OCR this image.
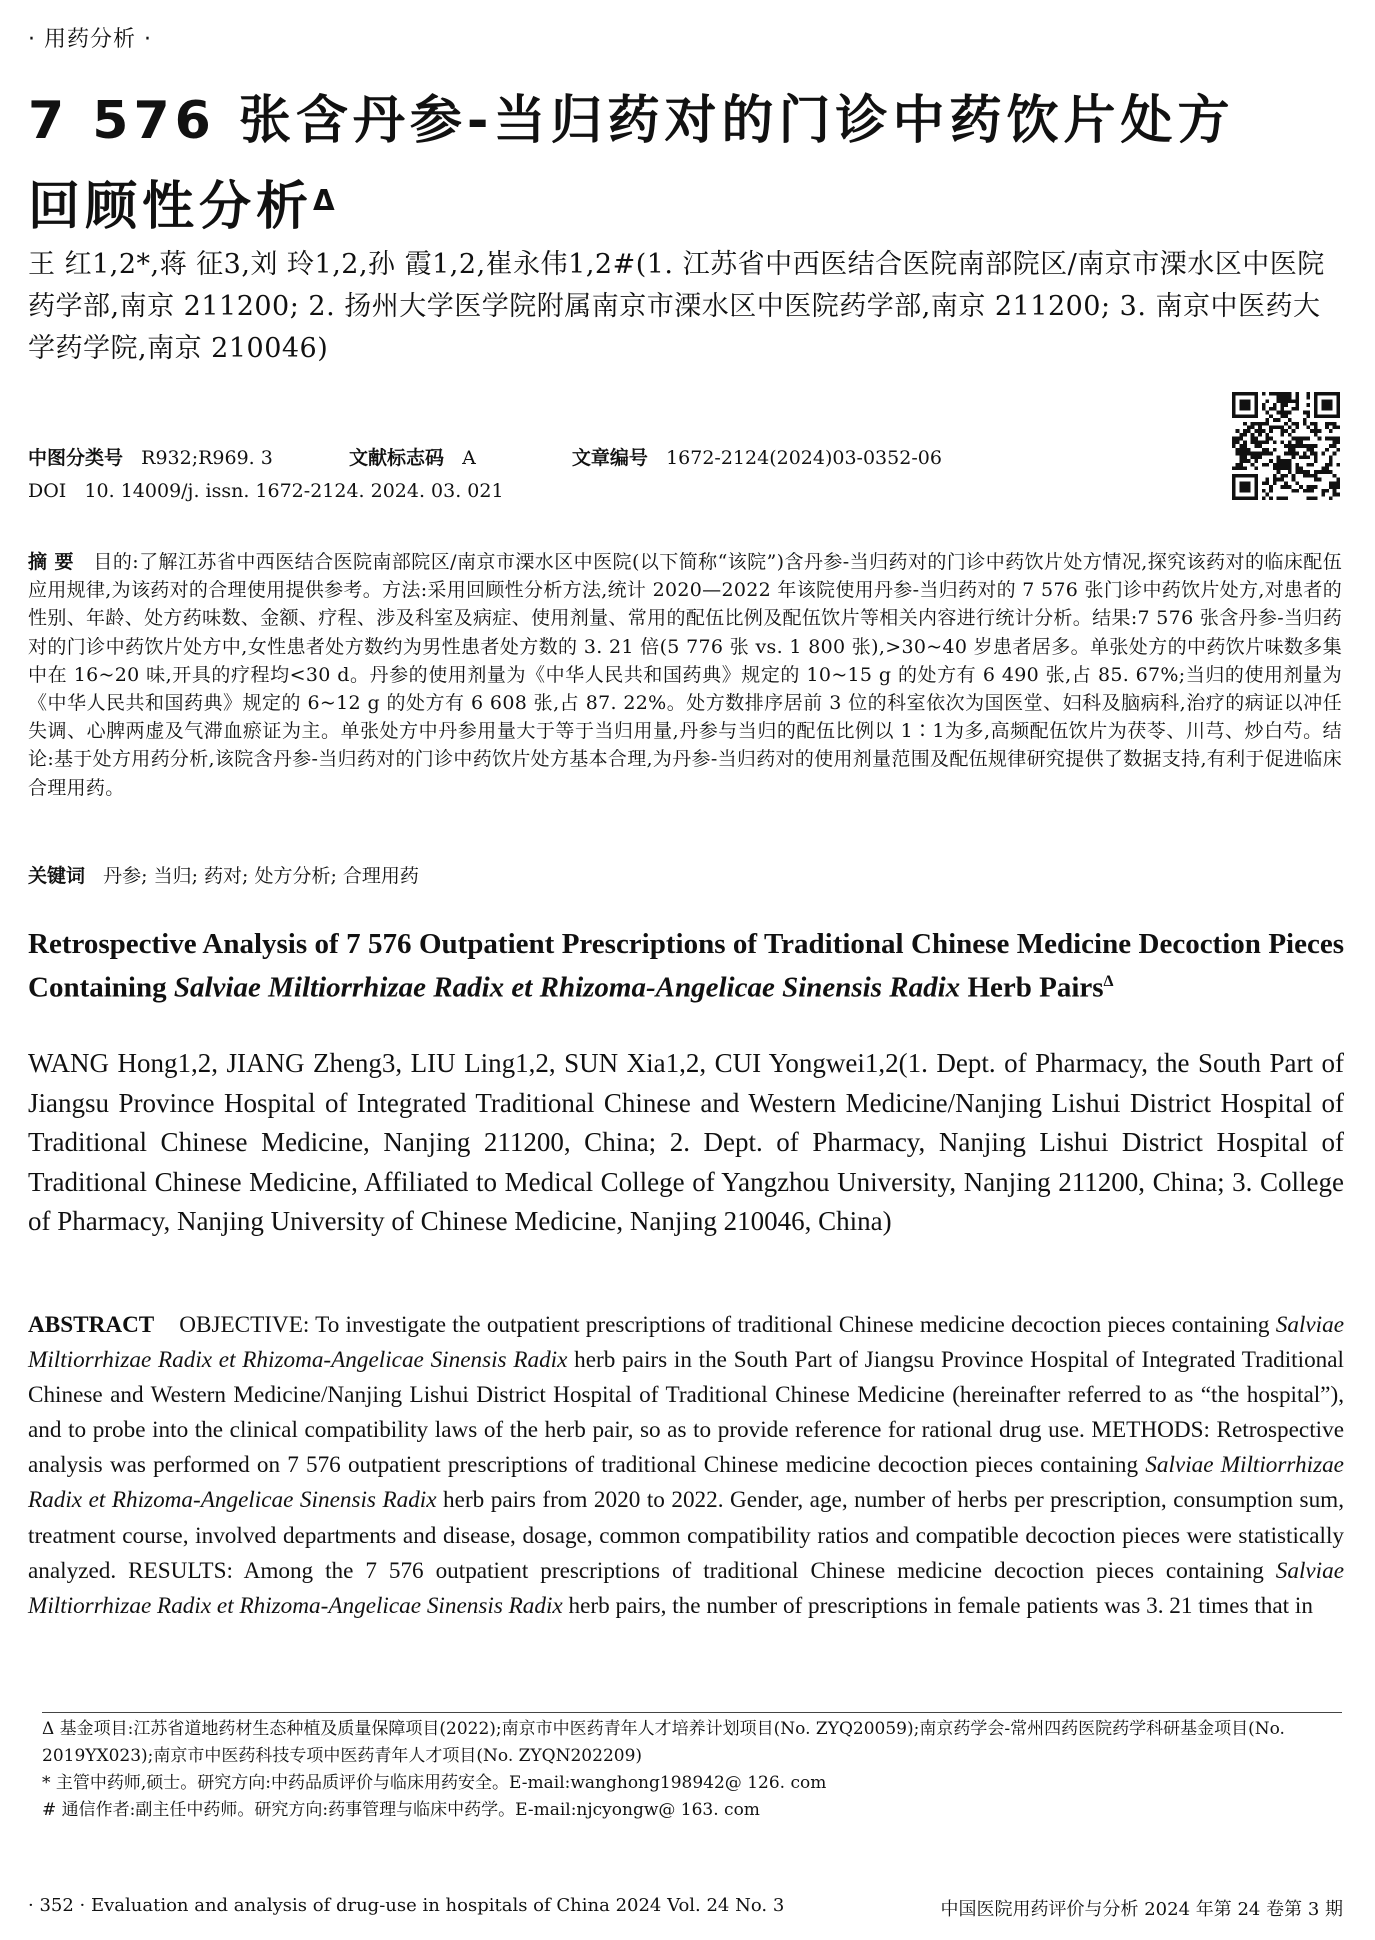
· 用药分析 ·
7 576 张含丹参-当归药对的门诊中药饮片处方
回顾性分析$^\Delta$
王 红1,2*,蒋 征3,刘 玲1,2,孙 霞1,2,崔永伟1,2#(1. 江苏省中西医结合医院南部院区/南京市溧水区中医院药学部,南京 211200; 2. 扬州大学医学院附属南京市溧水区中医院药学部,南京 211200; 3. 南京中医药大学药学院,南京 210046)
中图分类号 R932;R969. 3	文献标志码 A	文章编号 1672-2124(2024)03-0352-06
DOI 10. 14009/j. issn. 1672-2124. 2024. 03. 021
摘 要 目的:了解江苏省中西医结合医院南部院区/南京市溧水区中医院(以下简称“该院”)含丹参-当归药对的门诊中药饮片处方情况,探究该药对的临床配伍应用规律,为该药对的合理使用提供参考。方法:采用回顾性分析方法,统计 2020—2022 年该院使用丹参-当归药对的 7 576 张门诊中药饮片处方,对患者的性别、年龄、处方药味数、金额、疗程、涉及科室及病症、使用剂量、常用的配伍比例及配伍饮片等相关内容进行统计分析。结果:7 576 张含丹参-当归药对的门诊中药饮片处方中,女性患者处方数约为男性患者处方数的 3. 21 倍(5 776 张 vs. 1 800 张),>30~40 岁患者居多。单张处方的中药饮片味数多集中在 16~20 味,开具的疗程均<30 d。丹参的使用剂量为《中华人民共和国药典》规定的 10~15 g 的处方有 6 490 张,占 85. 67%;当归的使用剂量为《中华人民共和国药典》规定的 6~12 g 的处方有 6 608 张,占 87. 22%。处方数排序居前 3 位的科室依次为国医堂、妇科及脑病科,治疗的病证以冲任失调、心脾两虚及气滞血瘀证为主。单张处方中丹参用量大于等于当归用量,丹参与当归的配伍比例以 1∶1为多,高频配伍饮片为茯苓、川芎、炒白芍。结论:基于处方用药分析,该院含丹参-当归药对的门诊中药饮片处方基本合理,为丹参-当归药对的使用剂量范围及配伍规律研究提供了数据支持,有利于促进临床合理用药。
关键词 丹参; 当归; 药对; 处方分析; 合理用药
Retrospective Analysis of 7 576 Outpatient Prescriptions of Traditional Chinese Medicine Decoction Pieces Containing Salviae Miltiorrhizae Radix et Rhizoma-Angelicae Sinensis Radix Herb Pairs$^\Delta$
WANG Hong1,2, JIANG Zheng3, LIU Ling1,2, SUN Xia1,2, CUI Yongwei1,2(1. Dept. of Pharmacy, the South Part of Jiangsu Province Hospital of Integrated Traditional Chinese and Western Medicine/Nanjing Lishui District Hospital of Traditional Chinese Medicine, Nanjing 211200, China; 2. Dept. of Pharmacy, Nanjing Lishui District Hospital of Traditional Chinese Medicine, Affiliated to Medical College of Yangzhou University, Nanjing 211200, China; 3. College of Pharmacy, Nanjing University of Chinese Medicine, Nanjing 210046, China)
ABSTRACT OBJECTIVE: To investigate the outpatient prescriptions of traditional Chinese medicine decoction pieces containing Salviae Miltiorrhizae Radix et Rhizoma-Angelicae Sinensis Radix herb pairs in the South Part of Jiangsu Province Hospital of Integrated Traditional Chinese and Western Medicine/Nanjing Lishui District Hospital of Traditional Chinese Medicine (hereinafter referred to as “the hospital”), and to probe into the clinical compatibility laws of the herb pair, so as to provide reference for rational drug use. METHODS: Retrospective analysis was performed on 7 576 outpatient prescriptions of traditional Chinese medicine decoction pieces containing Salviae Miltiorrhizae Radix et Rhizoma-Angelicae Sinensis Radix herb pairs from 2020 to 2022. Gender, age, number of herbs per prescription, consumption sum, treatment course, involved departments and disease, dosage, common compatibility ratios and compatible decoction pieces were statistically analyzed. RESULTS: Among the 7 576 outpatient prescriptions of traditional Chinese medicine decoction pieces containing Salviae Miltiorrhizae Radix et Rhizoma-Angelicae Sinensis Radix herb pairs, the number of prescriptions in female patients was 3. 21 times that in
Δ 基金项目:江苏省道地药材生态种植及质量保障项目(2022);南京市中医药青年人才培养计划项目(No. ZYQ20059);南京药学会-常州四药医院药学科研基金项目(No. 2019YX023);南京市中医药科技专项中医药青年人才项目(No. ZYQN202209)
* 主管中药师,硕士。研究方向:中药品质评价与临床用药安全。E-mail:wanghong198942@ 126. com
# 通信作者:副主任中药师。研究方向:药事管理与临床中药学。E-mail:njcyongw@ 163. com
· 352 · Evaluation and analysis of drug-use in hospitals of China 2024 Vol. 24 No. 3	中国医院用药评价与分析 2024 年第 24 卷第 3 期
